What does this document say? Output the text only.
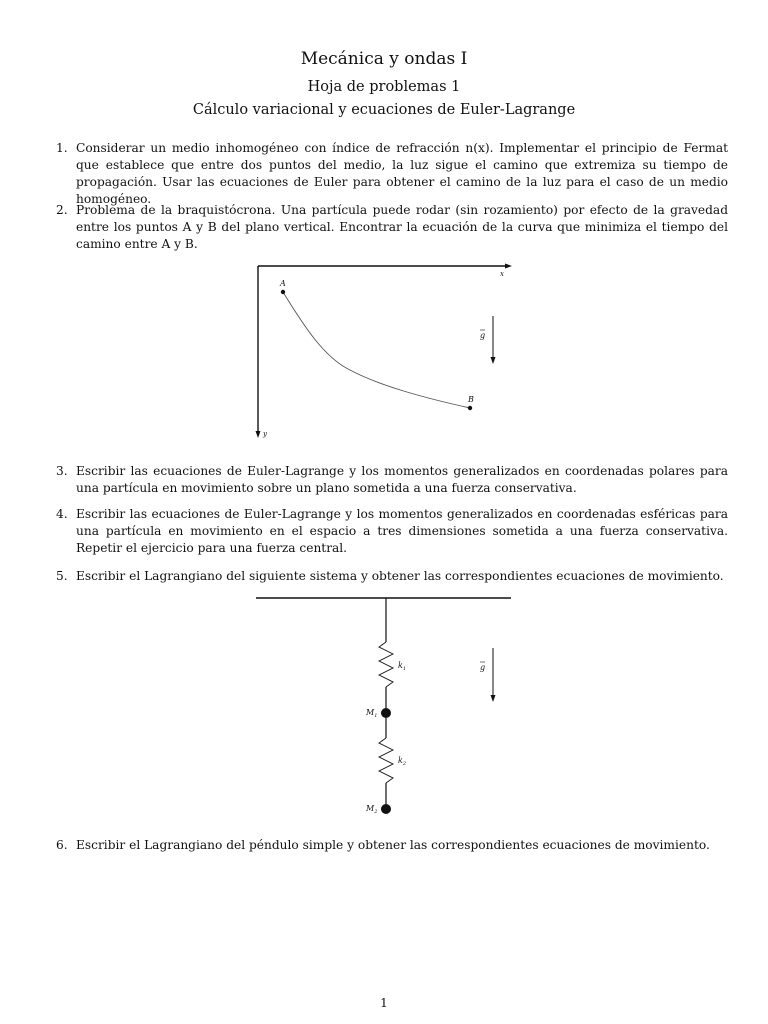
Mecánica y ondas I
Hoja de problemas 1
Cálculo variacional y ecuaciones de Euler-Lagrange
1. Considerar un medio inhomogéneo con índice de refracción n(x). Implementar el principio de Fermat que establece que entre dos puntos del medio, la luz sigue el camino que extremiza su tiempo de propagación. Usar las ecuaciones de Euler para obtener el camino de la luz para el caso de un medio homogéneo.
2. Problema de la braquistócrona. Una partícula puede rodar (sin rozamiento) por efecto de la gravedad entre los puntos A y B del plano vertical. Encontrar la ecuación de la curva que minimiza el tiempo del camino entre A y B.
x
y
A
B
g
3. Escribir las ecuaciones de Euler-Lagrange y los momentos generalizados en coordenadas polares para una partícula en movimiento sobre un plano sometida a una fuerza conservativa.
4. Escribir las ecuaciones de Euler-Lagrange y los momentos generalizados en coordenadas esféricas para una partícula en movimiento en el espacio a tres dimensiones sometida a una fuerza conservativa. Repetir el ejercicio para una fuerza central.
5. Escribir el Lagrangiano del siguiente sistema y obtener las correspondientes ecuaciones de movimiento.
$k_1$
$k_2$
$M_1$
$M_2$
g
6. Escribir el Lagrangiano del péndulo simple y obtener las correspondientes ecuaciones de movimiento.
1
